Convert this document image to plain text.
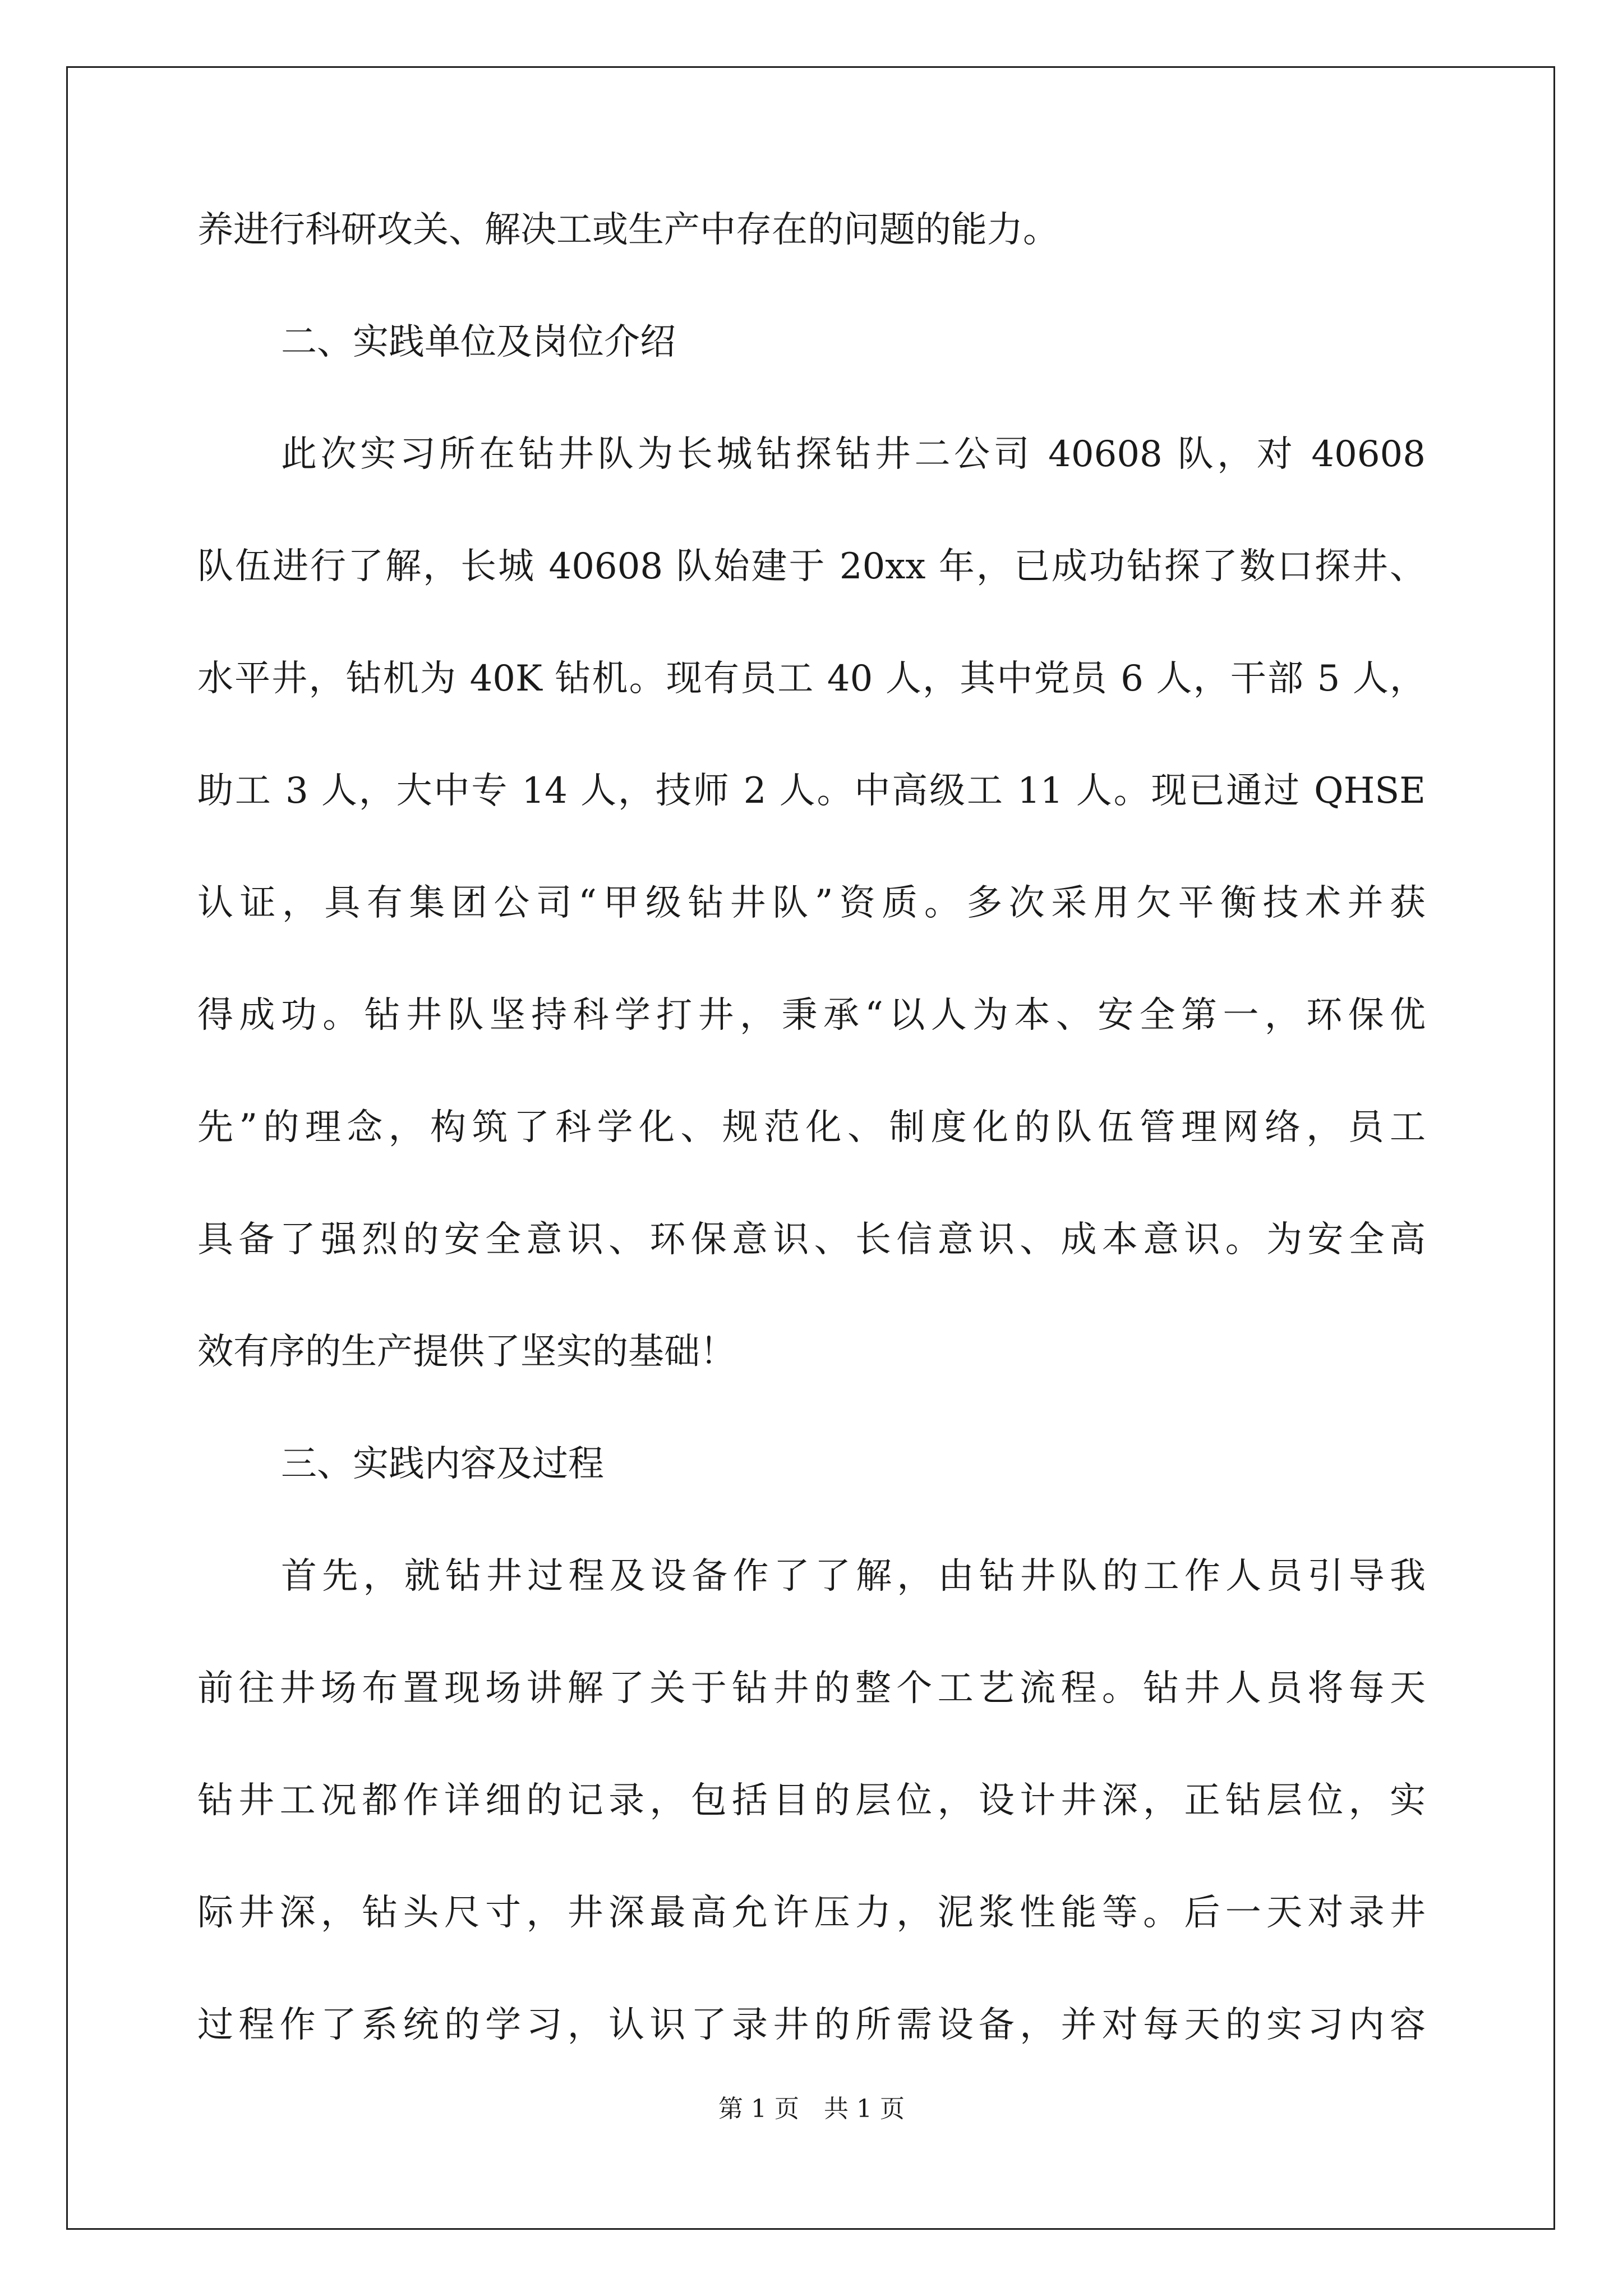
养进行科研攻关、解决工或生产中存在的问题的能力。
二、实践单位及岗位介绍
此次实习所在钻井队为长城钻探钻井二公司 40608 队，对 40608
队伍进行了解，长城 40608 队始建于 20xx 年，已成功钻探了数口探井、
水平井，钻机为 40K 钻机。现有员工 40 人，其中党员 6 人，干部 5 人，
助工 3 人，大中专 14 人，技师 2 人。中高级工 11 人。现已通过 QHSE
认证，具有集团公司“甲级钻井队”资质。多次采用欠平衡技术并获
得成功。钻井队坚持科学打井，秉承“以人为本、安全第一，环保优
先”的理念，构筑了科学化、规范化、制度化的队伍管理网络，员工
具备了强烈的安全意识、环保意识、长信意识、成本意识。为安全高
效有序的生产提供了坚实的基础！
三、实践内容及过程
首先，就钻井过程及设备作了了解，由钻井队的工作人员引导我
前往井场布置现场讲解了关于钻井的整个工艺流程。钻井人员将每天
钻井工况都作详细的记录，包括目的层位，设计井深，正钻层位，实
际井深，钻头尺寸，井深最高允许压力，泥浆性能等。后一天对录井
过程作了系统的学习，认识了录井的所需设备，并对每天的实习内容
第 1 页　共 1 页
